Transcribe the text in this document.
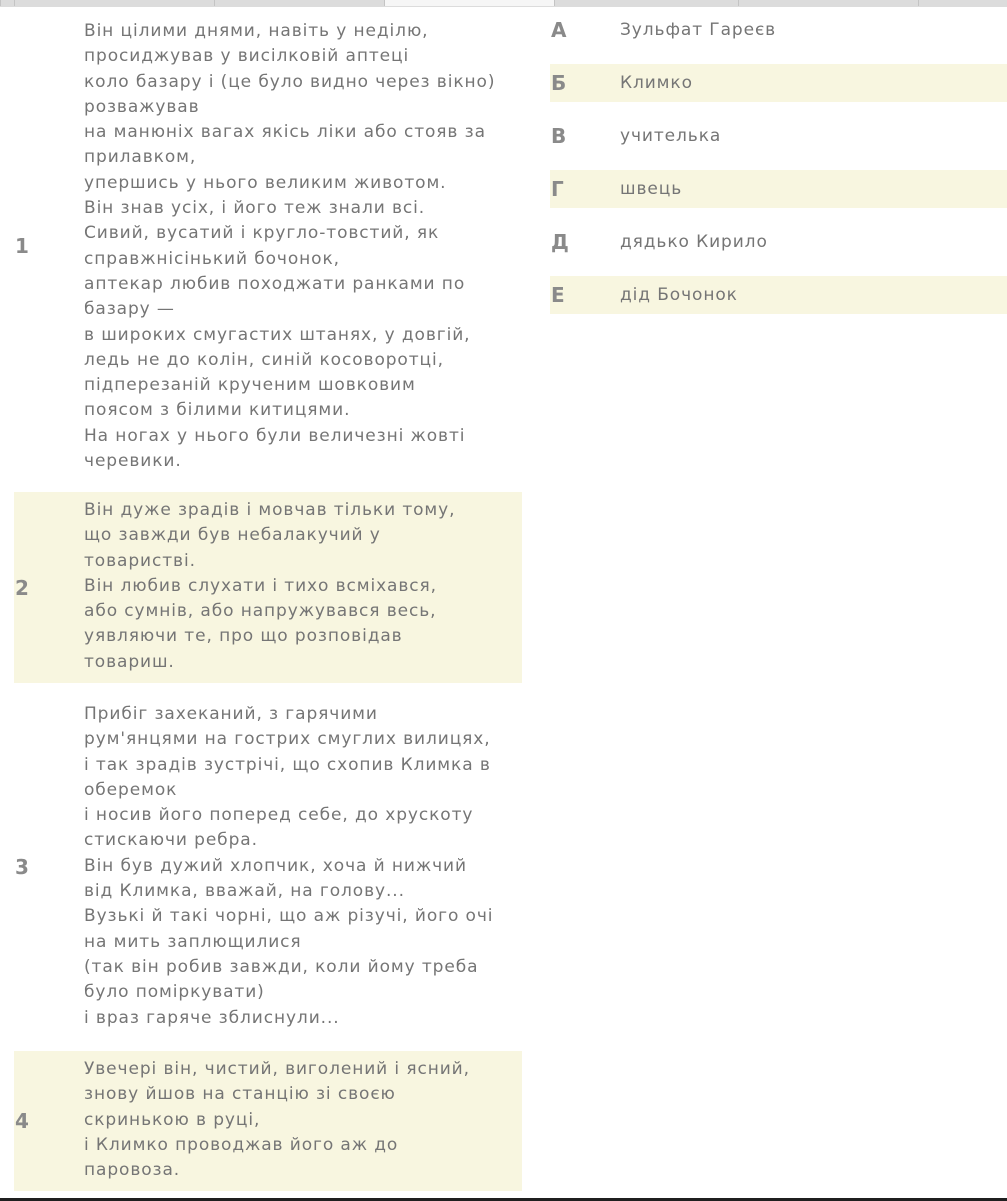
1
Він цілими днями, навіть у неділю,
просиджував у висілковій аптеці
коло базару і (це було видно через вікно)
розважував
на манюніх вагах якісь ліки або стояв за
прилавком,
упершись у нього великим животом.
Він знав усіх, і його теж знали всі.
Сивий, вусатий і кругло-товстий, як
справжнісінький бочонок,
аптекар любив походжати ранками по
базару —
в широких смугастих штанях, у довгій,
ледь не до колін, синій косоворотці,
підперезаній крученим шовковим
поясом з білими китицями.
На ногах у нього були величезні жовті
черевики.
2
Він дуже зрадів і мовчав тільки тому,
що завжди був небалакучий у
товаристві.
Він любив слухати і тихо всміхався,
або сумнів, або напружувався весь,
уявляючи те, про що розповідав
товариш.
3
Прибіг захеканий, з гарячими
рум'янцями на гострих смуглих вилицях,
і так зрадів зустрічі, що схопив Климка в
оберемок
і носив його поперед себе, до хрускоту
стискаючи ребра.
Він був дужий хлопчик, хоча й нижчий
від Климка, вважай, на голову...
Вузькі й такі чорні, що аж різучі, його очі
на мить заплющилися
(так він робив завжди, коли йому треба
було поміркувати)
і враз гаряче зблиснули...
4
Увечері він, чистий, виголений і ясний,
знову йшов на станцію зі своєю
скринькою в руці,
і Климко проводжав його аж до
паровоза.
А	Зульфат Гареєв
Б	Климко
В	учителька
Г	швець
Д	дядько Кирило
Е	дід Бочонок
